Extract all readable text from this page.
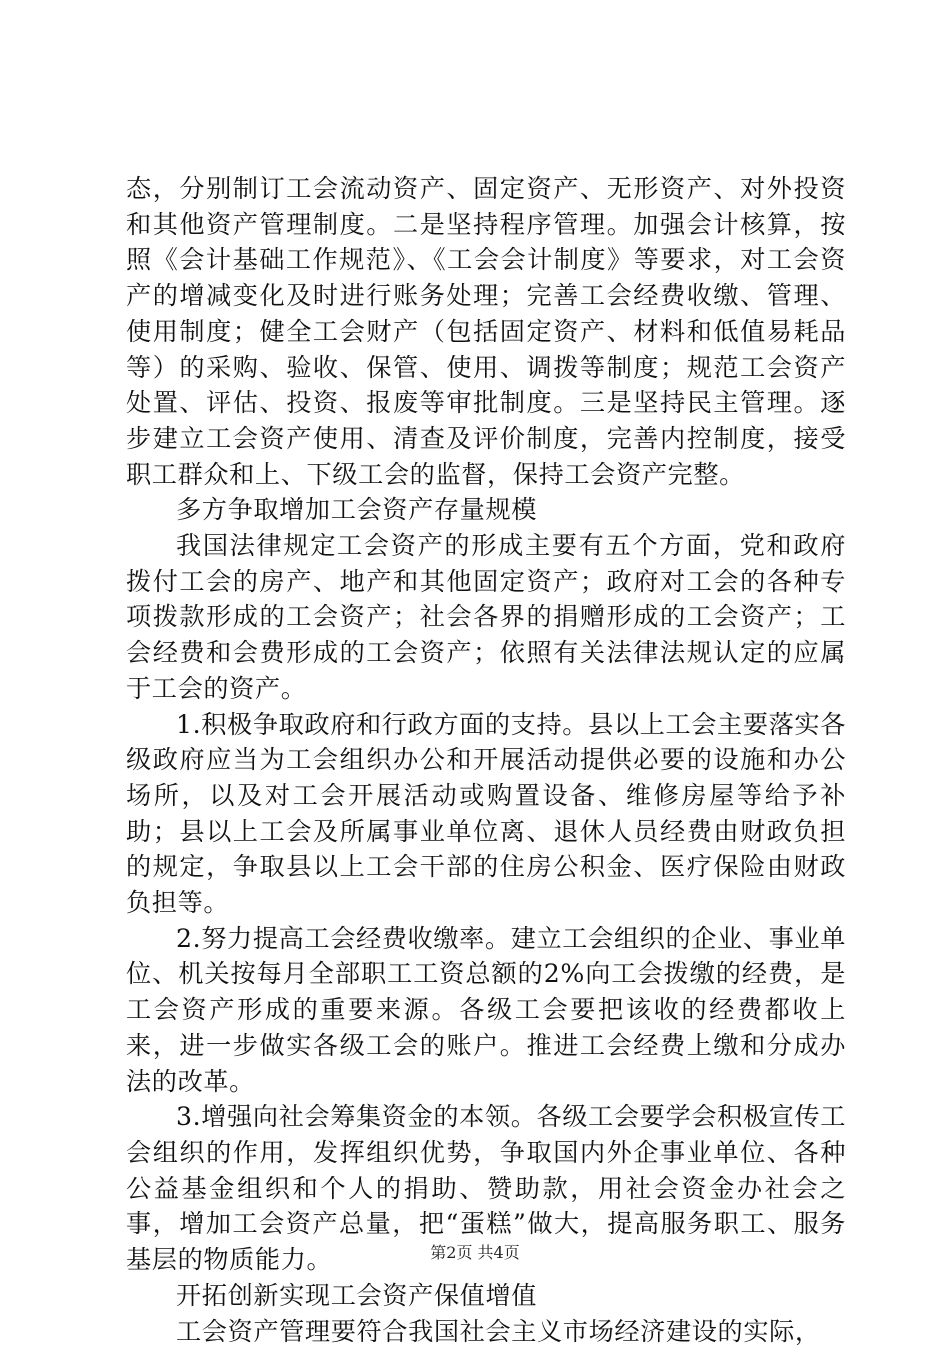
态，分别制订工会流动资产、固定资产、无形资产、对外投资和其他资产管理制度。二是坚持程序管理。加强会计核算，按照《会计基础工作规范》、《工会会计制度》等要求，对工会资产的增减变化及时进行账务处理；完善工会经费收缴、管理、使用制度；健全工会财产（包括固定资产、材料和低值易耗品等）的采购、验收、保管、使用、调拨等制度；规范工会资产处置、评估、投资、报废等审批制度。三是坚持民主管理。逐步建立工会资产使用、清查及评价制度，完善内控制度，接受职工群众和上、下级工会的监督，保持工会资产完整。

多方争取增加工会资产存量规模

我国法律规定工会资产的形成主要有五个方面，党和政府拨付工会的房产、地产和其他固定资产；政府对工会的各种专项拨款形成的工会资产；社会各界的捐赠形成的工会资产；工会经费和会费形成的工会资产；依照有关法律法规认定的应属于工会的资产。

1.积极争取政府和行政方面的支持。县以上工会主要落实各级政府应当为工会组织办公和开展活动提供必要的设施和办公场所，以及对工会开展活动或购置设备、维修房屋等给予补助；县以上工会及所属事业单位离、退休人员经费由财政负担的规定，争取县以上工会干部的住房公积金、医疗保险由财政负担等。

2.努力提高工会经费收缴率。建立工会组织的企业、事业单位、机关按每月全部职工工资总额的2%向工会拨缴的经费，是工会资产形成的重要来源。各级工会要把该收的经费都收上来，进一步做实各级工会的账户。推进工会经费上缴和分成办法的改革。

3.增强向社会筹集资金的本领。各级工会要学会积极宣传工会组织的作用，发挥组织优势，争取国内外企事业单位、各种公益基金组织和个人的捐助、赞助款，用社会资金办社会之事，增加工会资产总量，把“蛋糕”做大，提高服务职工、服务基层的物质能力。

开拓创新实现工会资产保值增值

工会资产管理要符合我国社会主义市场经济建设的实际，

第2页 共4页
